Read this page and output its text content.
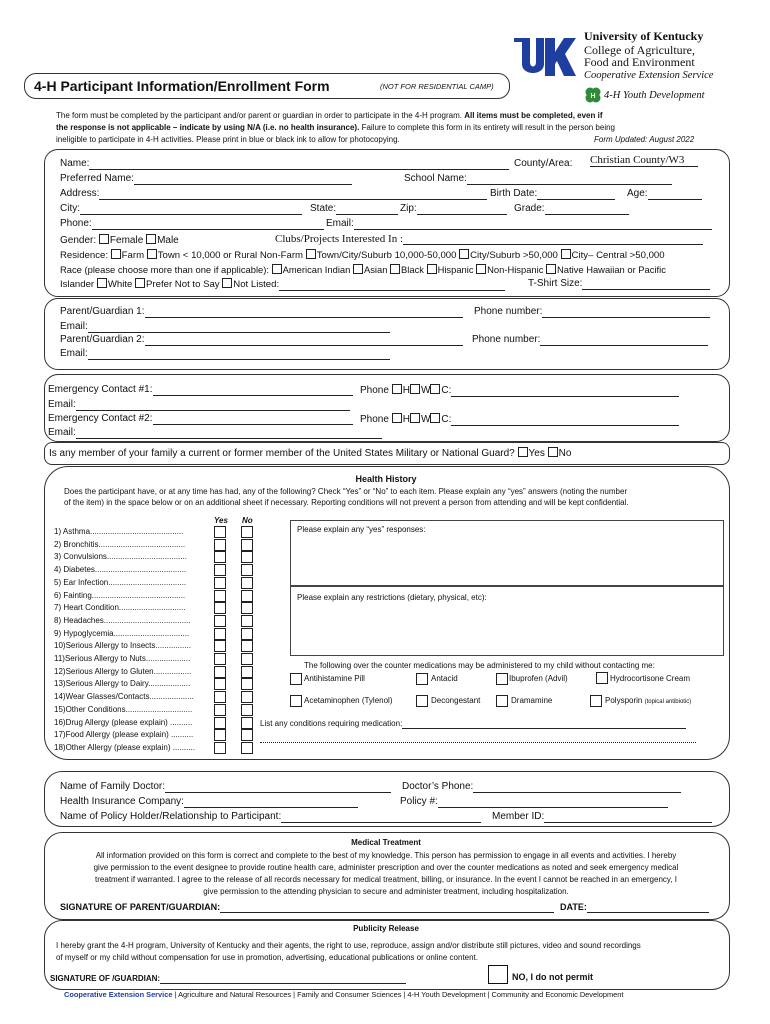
University of Kentucky
College of Agriculture,
Food and Environment
Cooperative Extension Service
H 4-H Youth Development
4-H Participant Information/Enrollment Form	(NOT FOR RESIDENTIAL CAMP)
The form must be completed by the participant and/or parent or guardian in order to participate in the 4-H program. All items must be completed, even if
the response is not applicable – indicate by using N/A (i.e. no health insurance). Failure to complete this form in its entirety will result in the person being
ineligible to participate in 4-H activities. Please print in blue or black ink to allow for photocopying.	Form Updated: August 2022
Name:	County/Area: Christian County/W3
Preferred Name:	School Name:
Address:	Birth Date:	Age:
City:	State:	Zip:	Grade:
Phone:	Email:
Gender: Female Male	Clubs/Projects Interested In :
Residence: Farm Town < 10,000 or Rural Non-Farm Town/City/Suburb 10,000-50,000 City/Suburb >50,000 City– Central >50,000
Race (please choose more than one if applicable): American Indian Asian Black Hispanic Non-Hispanic Native Hawaiian or Pacific
Islander White Prefer Not to Say Not Listed:	T-Shirt Size:
Parent/Guardian 1:	Phone number:
Email:
Parent/Guardian 2:	Phone number:
Email:
Emergency Contact #1:	Phone H W C:
Email:
Emergency Contact #2:	Phone H W C:
Email:
Is any member of your family a current or former member of the United States Military or National Guard? Yes No
Health History
Does the participant have, or at any time has had, any of the following? Check “Yes” or “No” to each item. Please explain any “yes” answers (noting the number
of the item) in the space below or on an additional sheet if necessary. Reporting conditions will not prevent a person from attending and will be kept confidential.
Yes No
1) Asthma..........................................
2) Bronchitis.......................................
3) Convulsions....................................
4) Diabetes.........................................
5) Ear Infection...................................
6) Fainting..........................................
7) Heart Condition..............................
8) Headaches.......................................
9) Hypoglycemia..................................
10)Serious Allergy to Insects................
11)Serious Allergy to Nuts....................
12)Serious Allergy to Gluten.................
13)Serious Allergy to Dairy...................
14)Wear Glasses/Contacts....................
15)Other Conditions..............................
16)Drug Allergy (please explain) ..........
17)Food Allergy (please explain) ..........
18)Other Allergy (please explain) ..........
Please explain any “yes” responses:
Please explain any restrictions (dietary, physical, etc):
The following over the counter medications may be administered to my child without contacting me:
Antihistamine Pill	Antacid	Ibuprofen (Advil)	Hydrocortisone Cream
Acetaminophen (Tylenol)	Decongestant	Dramamine	Polysporin (topical antibiotic)
List any conditions requiring medication:
Name of Family Doctor:	Doctor’s Phone:
Health Insurance Company:	Policy #:
Name of Policy Holder/Relationship to Participant:	Member ID:
Medical Treatment
All information provided on this form is correct and complete to the best of my knowledge. This person has permission to engage in all events and activities. I hereby
give permission to the event designee to provide routine health care, administer prescription and over the counter medications as noted and seek emergency medical
treatment if warranted. I agree to the release of all records necessary for medical treatment, billing, or insurance. In the event I cannot be reached in an emergency, I
give permission to the attending physician to secure and administer treatment, including hospitalization.
SIGNATURE OF PARENT/GUARDIAN:	DATE:
Publicity Release
I hereby grant the 4-H program, University of Kentucky and their agents, the right to use, reproduce, assign and/or distribute still pictures, video and sound recordings
of myself or my child without compensation for use in promotion, advertising, educational publications or online content.
SIGNATURE OF /GUARDIAN:	NO, I do not permit
Cooperative Extension Service | Agriculture and Natural Resources | Family and Consumer Sciences | 4-H Youth Development | Community and Economic Development
